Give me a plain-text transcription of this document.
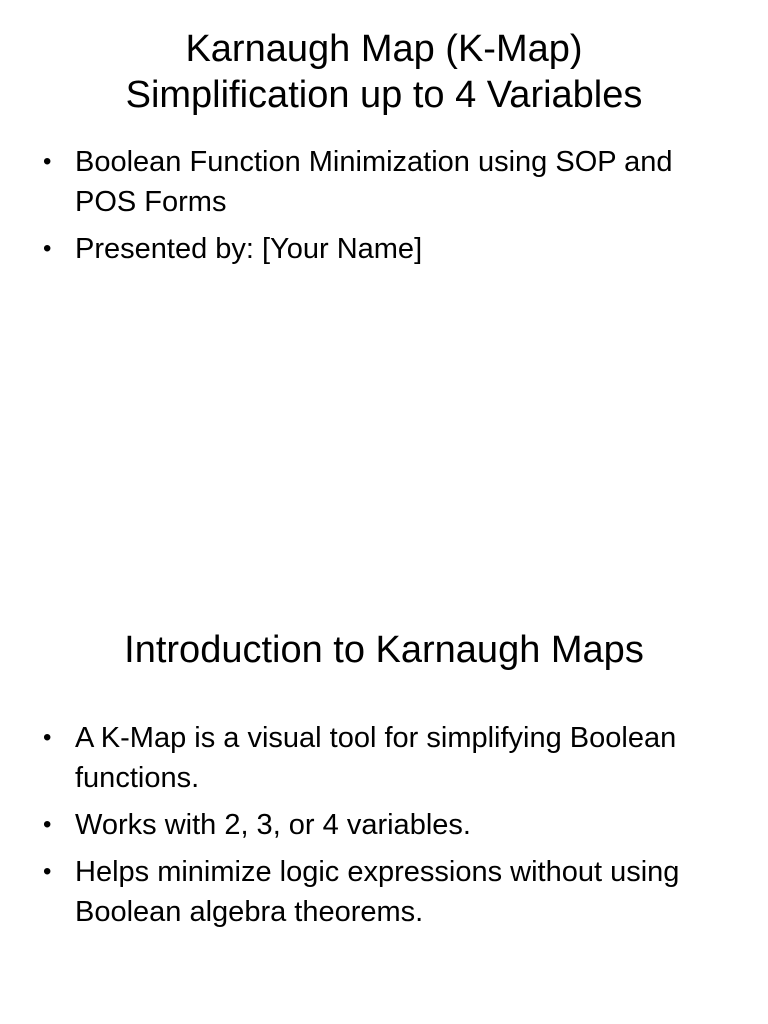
Karnaugh Map (K-Map)
Simplification up to 4 Variables
• Boolean Function Minimization using SOP and POS Forms
• Presented by: [Your Name]
Introduction to Karnaugh Maps
• A K-Map is a visual tool for simplifying Boolean functions.
• Works with 2, 3, or 4 variables.
• Helps minimize logic expressions without using Boolean algebra theorems.
